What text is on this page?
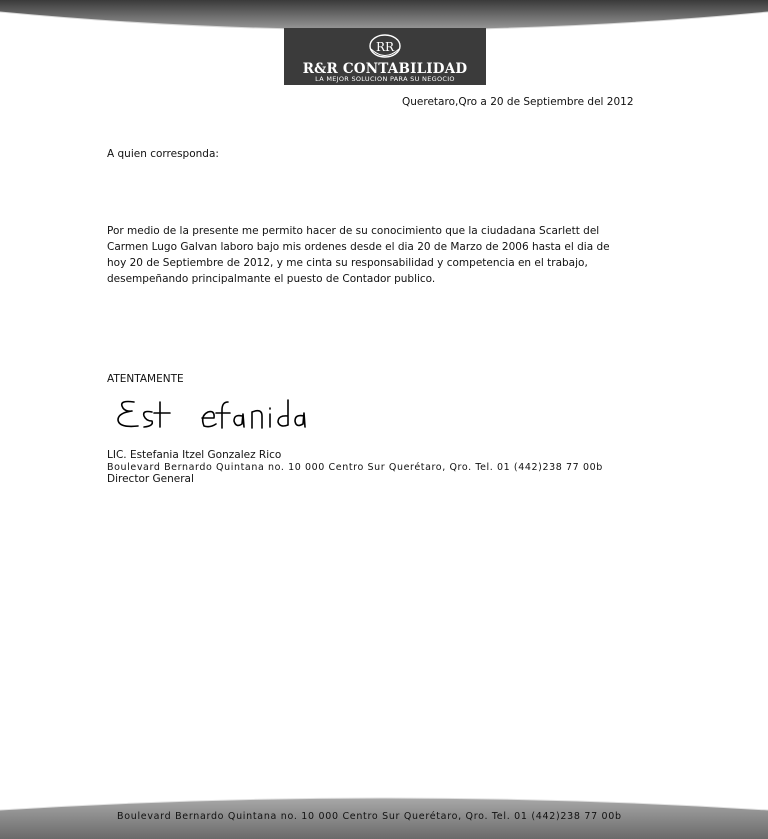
RR
R&R CONTABILIDAD
LA MEJOR SOLUCION PARA SU NEGOCIO
Queretaro,Qro a 20 de Septiembre del 2012
A quien corresponda:
Por medio de la presente me permito hacer de su conocimiento que la ciudadana Scarlett del
Carmen Lugo Galvan laboro bajo mis ordenes desde el dia 20 de Marzo de 2006 hasta el dia de
hoy 20 de Septiembre de 2012, y me cinta su responsabilidad y competencia en el trabajo,
desempeñando principalmante el puesto de Contador publico.
ATENTAMENTE
LIC. Estefania Itzel Gonzalez Rico
Boulevard Bernardo Quintana no. 10 000 Centro Sur Querétaro, Qro. Tel. 01 (442)238 77 00b
Director General
Boulevard Bernardo Quintana no. 10 000 Centro Sur Querétaro, Qro. Tel. 01 (442)238 77 00b
